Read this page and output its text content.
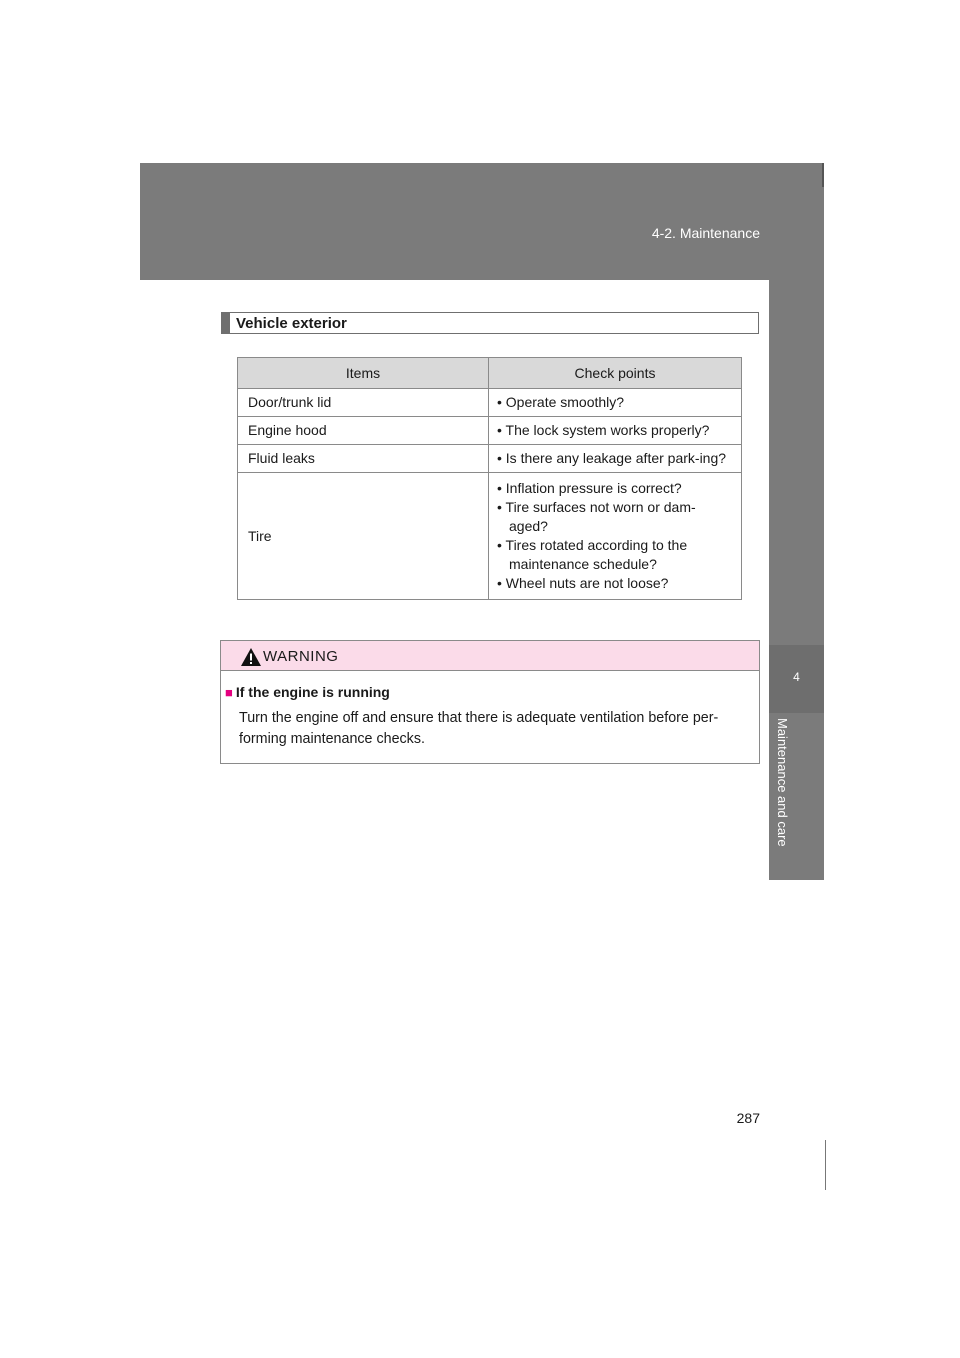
4-2. Maintenance
4
Maintenance and care
Vehicle exterior
Items	Check points
Door/trunk lid	• Operate smoothly?

Engine hood	• The lock system works properly?

Fluid leaks	• Is there any leakage after park-ing?

Tire	• Inflation pressure is correct?
• Tire surfaces not worn or dam-aged?
• Tires rotated according to the maintenance schedule?
• Wheel nuts are not loose?
WARNING
■ If the engine is running
Turn the engine off and ensure that there is adequate ventilation before per-forming maintenance checks.
287
